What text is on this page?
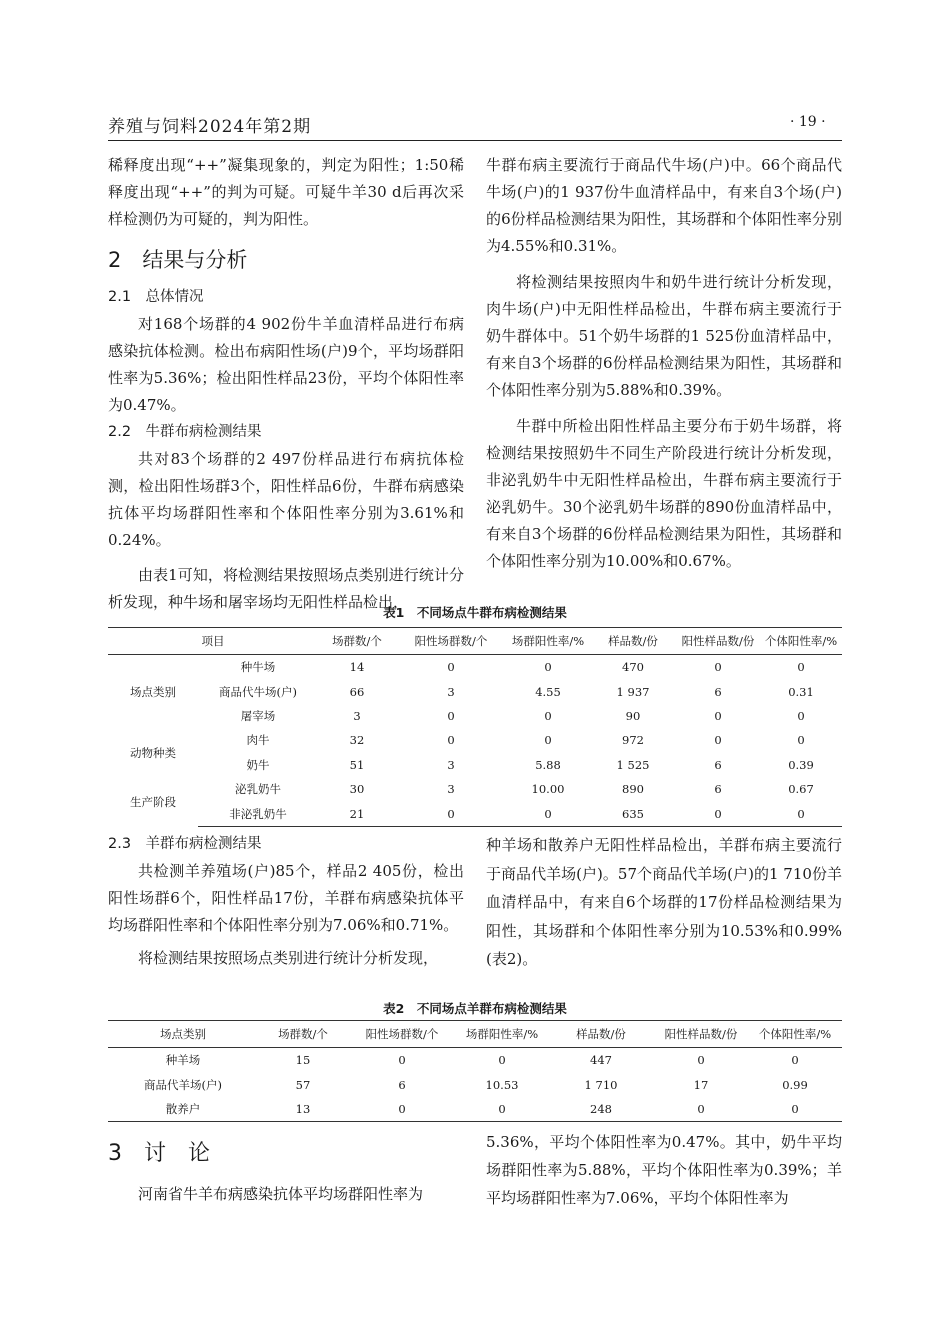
养殖与饲料2024年第2期	· 19 ·

稀释度出现“++”凝集现象的，判定为阳性；1:50稀释度出现“++”的判为可疑。可疑牛羊30 d后再次采样检测仍为可疑的，判为阳性。

2　结果与分析

2.1　总体情况

对168个场群的4 902份牛羊血清样品进行布病感染抗体检测。检出布病阳性场(户)9个，平均场群阳性率为5.36%；检出阳性样品23份，平均个体阳性率为0.47%。

2.2　牛群布病检测结果

共对83个场群的2 497份样品进行布病抗体检测，检出阳性场群3个，阳性样品6份，牛群布病感染抗体平均场群阳性率和个体阳性率分别为3.61%和0.24%。

由表1可知，将检测结果按照场点类别进行统计分析发现，种牛场和屠宰场均无阳性样品检出，

牛群布病主要流行于商品代牛场(户)中。66个商品代牛场(户)的1 937份牛血清样品中，有来自3个场(户)的6份样品检测结果为阳性，其场群和个体阳性率分别为4.55%和0.31%。

将检测结果按照肉牛和奶牛进行统计分析发现，肉牛场(户)中无阳性样品检出，牛群布病主要流行于奶牛群体中。51个奶牛场群的1 525份血清样品中，有来自3个场群的6份样品检测结果为阳性，其场群和个体阳性率分别为5.88%和0.39%。

牛群中所检出阳性样品主要分布于奶牛场群，将检测结果按照奶牛不同生产阶段进行统计分析发现，非泌乳奶牛中无阳性样品检出，牛群布病主要流行于泌乳奶牛。30个泌乳奶牛场群的890份血清样品中，有来自3个场群的6份样品检测结果为阳性，其场群和个体阳性率分别为10.00%和0.67%。

表1　不同场点牛群布病检测结果
项目		场群数/个	阳性场群数/个	场群阳性率/%	样品数/份	阳性样品数/份	个体阳性率/%
场点类别	种牛场	14	0	0	470	0	0
	商品代牛场(户)	66	3	4.55	1 937	6	0.31
	屠宰场	3	0	0	90	0	0
动物种类	肉牛	32	0	0	972	0	0
	奶牛	51	3	5.88	1 525	6	0.39
生产阶段	泌乳奶牛	30	3	10.00	890	6	0.67
	非泌乳奶牛	21	0	0	635	0	0

2.3　羊群布病检测结果

共检测羊养殖场(户)85个，样品2 405份，检出阳性场群6个，阳性样品17份，羊群布病感染抗体平均场群阳性率和个体阳性率分别为7.06%和0.71%。

将检测结果按照场点类别进行统计分析发现，

种羊场和散养户无阳性样品检出，羊群布病主要流行于商品代羊场(户)。57个商品代羊场(户)的1 710份羊血清样品中，有来自6个场群的17份样品检测结果为阳性，其场群和个体阳性率分别为10.53%和0.99%(表2)。

表2　不同场点羊群布病检测结果
场点类别	场群数/个	阳性场群数/个	场群阳性率/%	样品数/份	阳性样品数/份	个体阳性率/%
种羊场	15	0	0	447	0	0
商品代羊场(户)	57	6	10.53	1 710	17	0.99
散养户	13	0	0	248	0	0

3　讨　论

河南省牛羊布病感染抗体平均场群阳性率为

5.36%，平均个体阳性率为0.47%。其中，奶牛平均场群阳性率为5.88%，平均个体阳性率为0.39%；羊平均场群阳性率为7.06%，平均个体阳性率为
